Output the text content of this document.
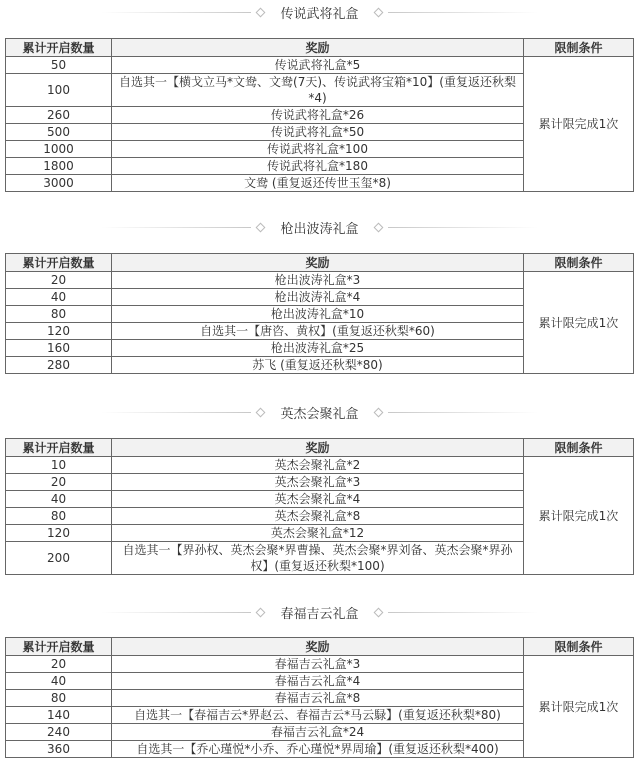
传说武将礼盒
累计开启数量	奖励	限制条件
50	传说武将礼盒*5	累计限完成1次
100	自选其一【横戈立马*文鸯、文鸯(7天)、传说武将宝箱*10】(重复返还秋梨*4)	
260	传说武将礼盒*26	
500	传说武将礼盒*50	
1000	传说武将礼盒*100	
1800	传说武将礼盒*180	
3000	文鸯 (重复返还传世玉玺*8)	
枪出波涛礼盒
累计开启数量	奖励	限制条件
20	枪出波涛礼盒*3	累计限完成1次
40	枪出波涛礼盒*4	
80	枪出波涛礼盒*10	
120	自选其一【唐咨、黄权】(重复返还秋梨*60)	
160	枪出波涛礼盒*25	
280	苏飞 (重复返还秋梨*80)	
英杰会聚礼盒
累计开启数量	奖励	限制条件
10	英杰会聚礼盒*2	累计限完成1次
20	英杰会聚礼盒*3	
40	英杰会聚礼盒*4	
80	英杰会聚礼盒*8	
120	英杰会聚礼盒*12	
200	自选其一【界孙权、英杰会聚*界曹操、英杰会聚*界刘备、英杰会聚*界孙权】(重复返还秋梨*100)	
春福吉云礼盒
累计开启数量	奖励	限制条件
20	春福吉云礼盒*3	累计限完成1次
40	春福吉云礼盒*4	
80	春福吉云礼盒*8	
140	自选其一【春福吉云*界赵云、春福吉云*马云騄】(重复返还秋梨*80)	
240	春福吉云礼盒*24	
360	自选其一【乔心瑾悦*小乔、乔心瑾悦*界周瑜】(重复返还秋梨*400)	
